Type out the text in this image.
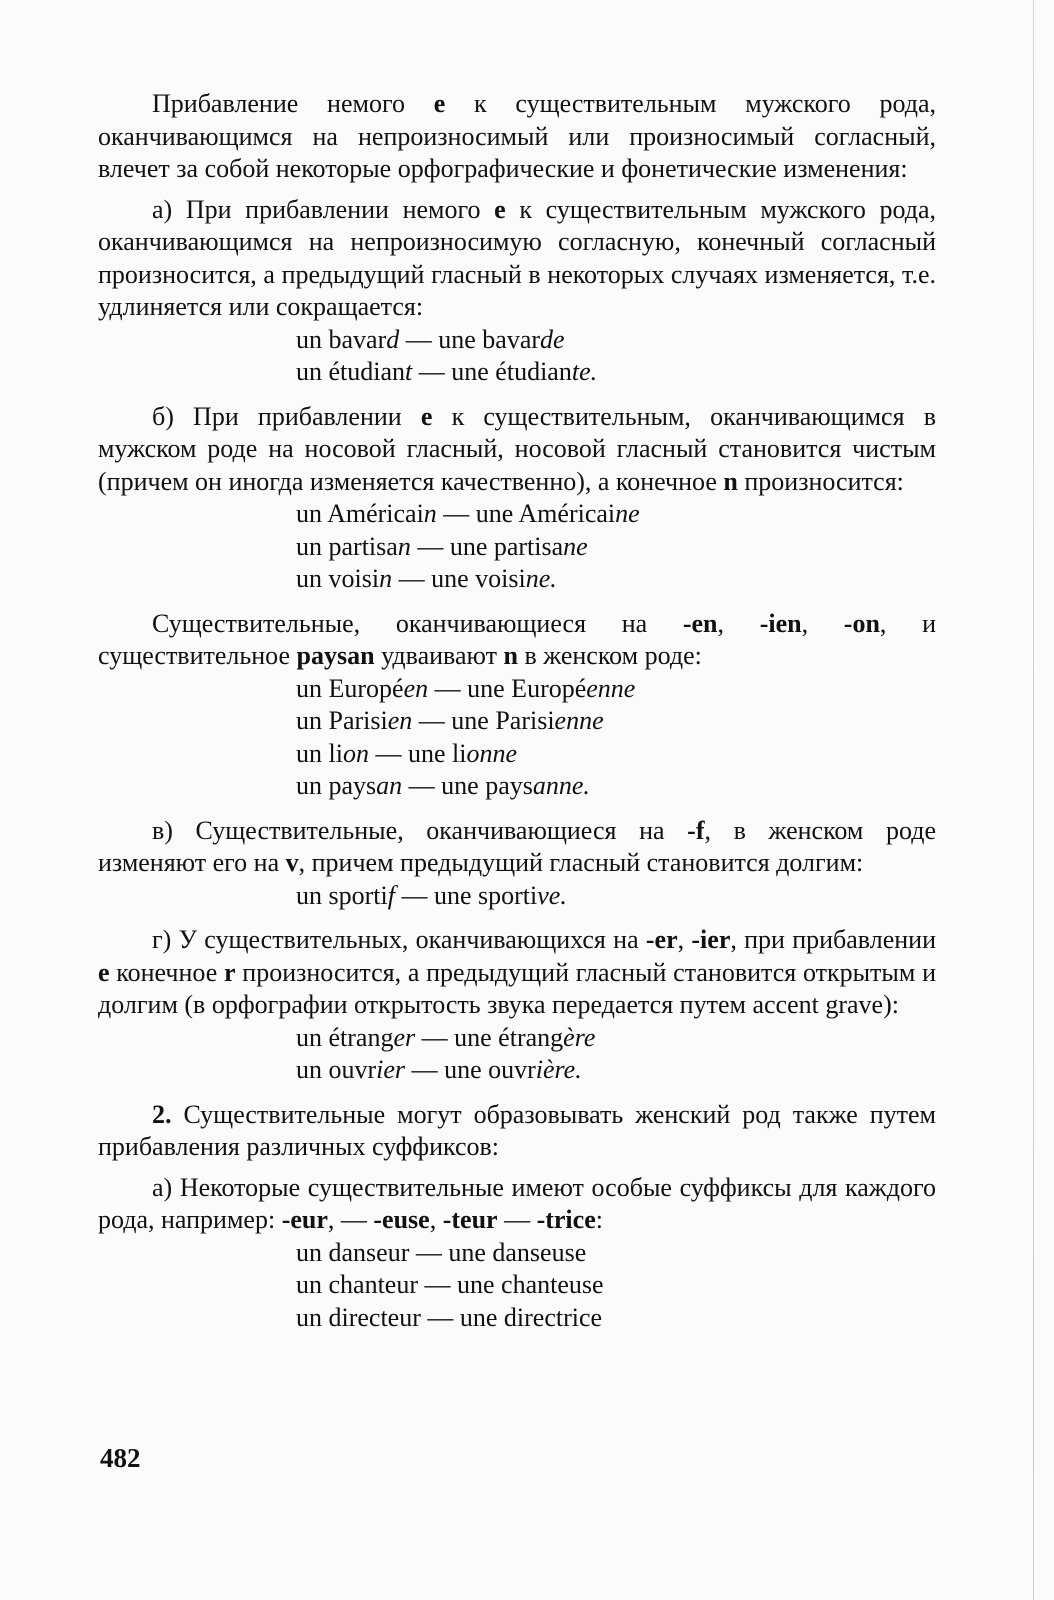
Прибавление немого е к существительным мужского рода, оканчивающимся на непроизносимый или произносимый согласный, влечет за собой некоторые орфографические и фонетические изменения:

а) При прибавлении немого е к существительным мужского рода, оканчивающимся на непроизносимую согласную, конечный согласный произносится, а предыдущий гласный в некоторых случаях изменяется, т.е. удлиняется или сокращается:

un bavard — une bavarde
un étudiant — une étudiante.

б) При прибавлении е к существительным, оканчивающимся в мужском роде на носовой гласный, носовой гласный становится чистым (причем он иногда изменяется качественно), а конечное n произносится:

un Américain — une Américaine
un partisan — une partisane
un voisin — une voisine.

Существительные, оканчивающиеся на -en, -ien, -on, и существительное paysan удваивают n в женском роде:

un Européen — une Européenne
un Parisien — une Parisienne
un lion — une lionne
un paysan — une paysanne.

в) Существительные, оканчивающиеся на -f, в женском роде изменяют его на v, причем предыдущий гласный становится долгим:

un sportif — une sportive.

г) У существительных, оканчивающихся на -er, -ier, при прибавлении е конечное r произносится, а предыдущий гласный становится открытым и долгим (в орфографии открытость звука передается путем accent grave):

un étranger — une étrangère
un ouvrier — une ouvrière.

2. Существительные могут образовывать женский род также путем прибавления различных суффиксов:

а) Некоторые существительные имеют особые суффиксы для каждого рода, например: -eur, — -euse, -teur — -trice:

un danseur — une danseuse
un chanteur — une chanteuse
un directeur — une directrice
482
